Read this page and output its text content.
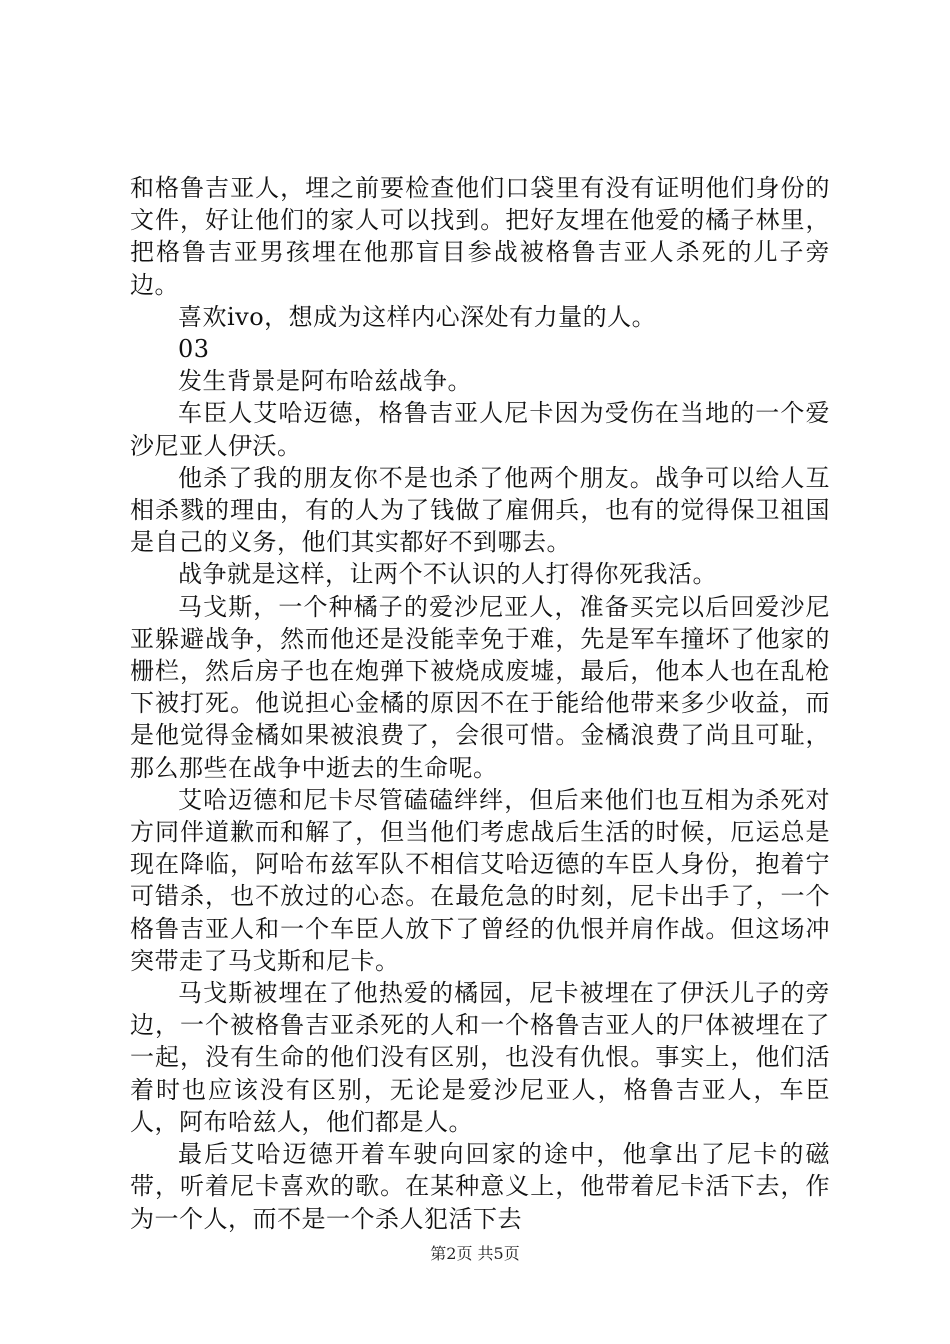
和格鲁吉亚人，埋之前要检查他们口袋里有没有证明他们身份的文件，好让他们的家人可以找到。把好友埋在他爱的橘子林里，把格鲁吉亚男孩埋在他那盲目参战被格鲁吉亚人杀死的儿子旁边。

喜欢ivo，想成为这样内心深处有力量的人。

03

发生背景是阿布哈兹战争。

车臣人艾哈迈德，格鲁吉亚人尼卡因为受伤在当地的一个爱沙尼亚人伊沃。

他杀了我的朋友你不是也杀了他两个朋友。战争可以给人互相杀戮的理由，有的人为了钱做了雇佣兵，也有的觉得保卫祖国是自己的义务，他们其实都好不到哪去。

战争就是这样，让两个不认识的人打得你死我活。

马戈斯，一个种橘子的爱沙尼亚人，准备买完以后回爱沙尼亚躲避战争，然而他还是没能幸免于难，先是军车撞坏了他家的栅栏，然后房子也在炮弹下被烧成废墟，最后，他本人也在乱枪下被打死。他说担心金橘的原因不在于能给他带来多少收益，而是他觉得金橘如果被浪费了，会很可惜。金橘浪费了尚且可耻，那么那些在战争中逝去的生命呢。

艾哈迈德和尼卡尽管磕磕绊绊，但后来他们也互相为杀死对方同伴道歉而和解了，但当他们考虑战后生活的时候，厄运总是现在降临，阿哈布兹军队不相信艾哈迈德的车臣人身份，抱着宁可错杀，也不放过的心态。在最危急的时刻，尼卡出手了，一个格鲁吉亚人和一个车臣人放下了曾经的仇恨并肩作战。但这场冲突带走了马戈斯和尼卡。

马戈斯被埋在了他热爱的橘园，尼卡被埋在了伊沃儿子的旁边，一个被格鲁吉亚杀死的人和一个格鲁吉亚人的尸体被埋在了一起，没有生命的他们没有区别，也没有仇恨。事实上，他们活着时也应该没有区别，无论是爱沙尼亚人，格鲁吉亚人，车臣人，阿布哈兹人，他们都是人。

最后艾哈迈德开着车驶向回家的途中，他拿出了尼卡的磁带，听着尼卡喜欢的歌。在某种意义上，他带着尼卡活下去，作为一个人，而不是一个杀人犯活下去

第2页 共5页
